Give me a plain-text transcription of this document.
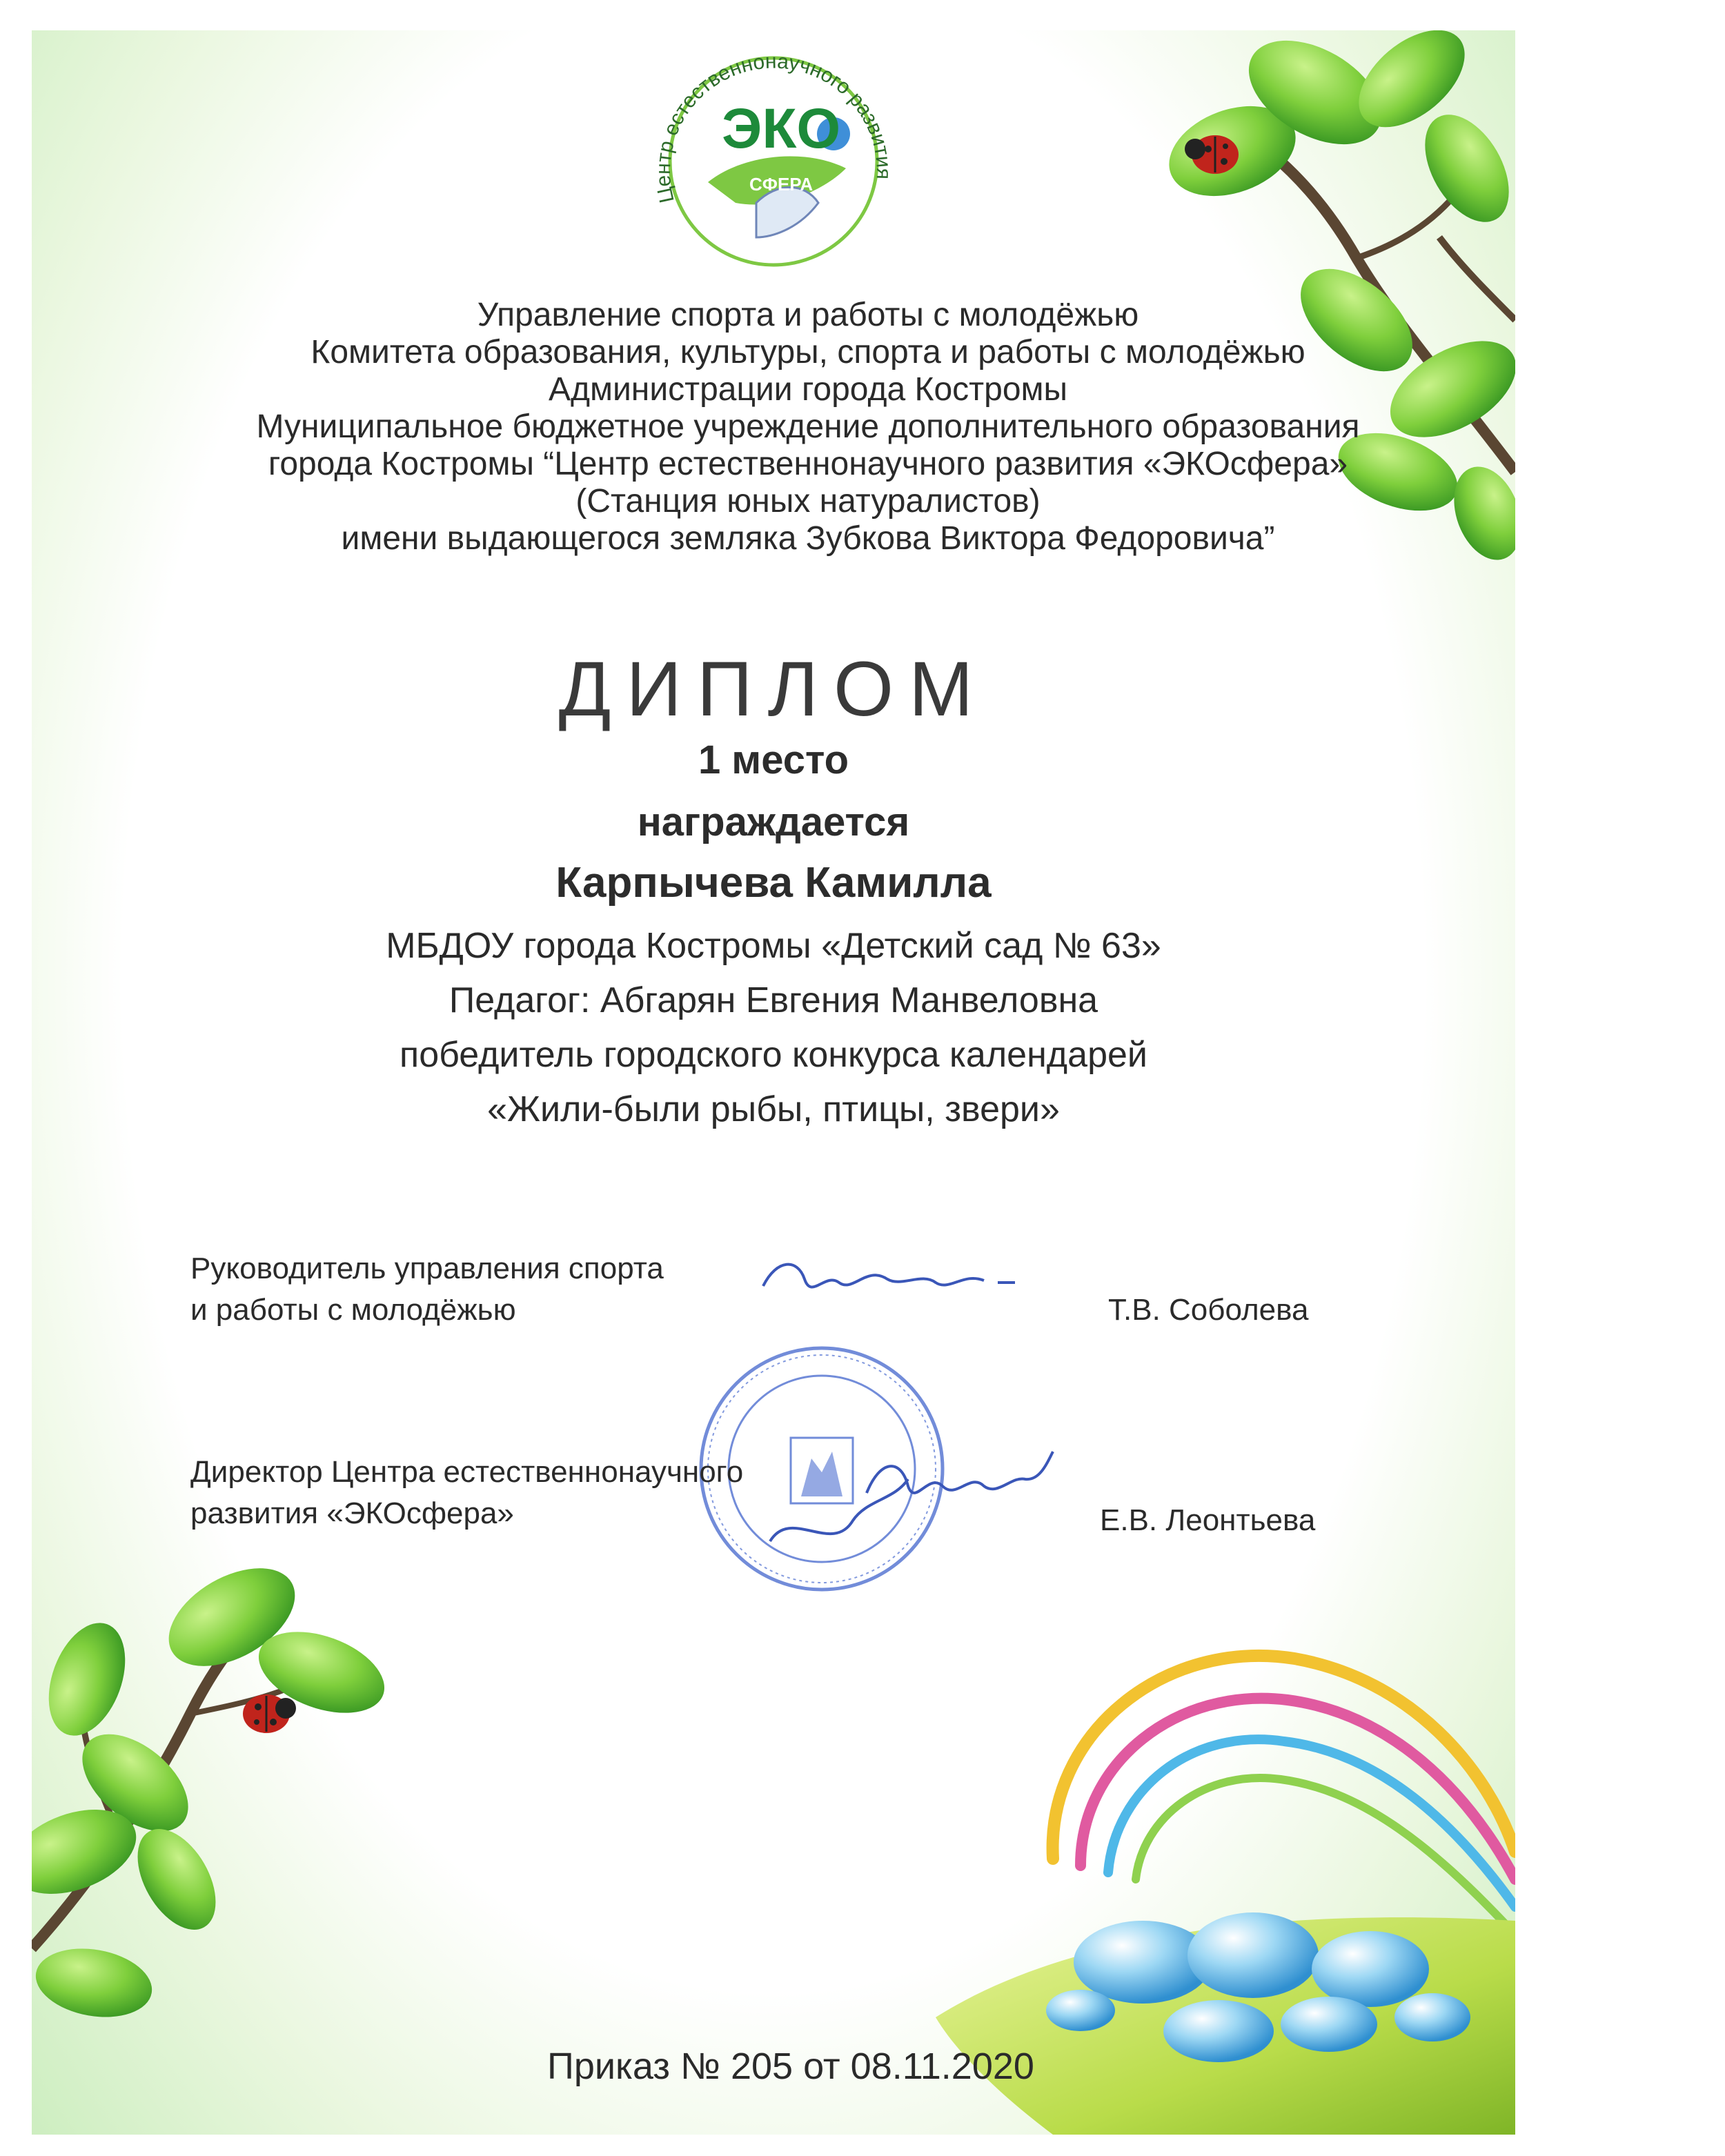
Центр естественнонаучного развития
ЭКО
СФЕРА
Управление спорта и работы с молодёжью
Комитета образования, культуры, спорта и работы с молодёжью
Администрации города Костромы
Муниципальное бюджетное учреждение дополнительного образования
города Костромы “Центр естественнонаучного развития «ЭКОсфера»
(Станция юных натуралистов)
имени выдающегося земляка Зубкова Виктора Федоровича”
ДИПЛОМ
1 место
награждается
Карпычева Камилла
МБДОУ города Костромы «Детский сад № 63»
Педагог: Абгарян Евгения Манвеловна
победитель городского конкурса календарей
«Жили-были рыбы, птицы, звери»
Руководитель управления спорта
и работы с молодёжью	Т.В. Соболева
Директор Центра естественнонаучного
развития «ЭКОсфера»	Е.В. Леонтьева
Приказ № 205 от 08.11.2020
